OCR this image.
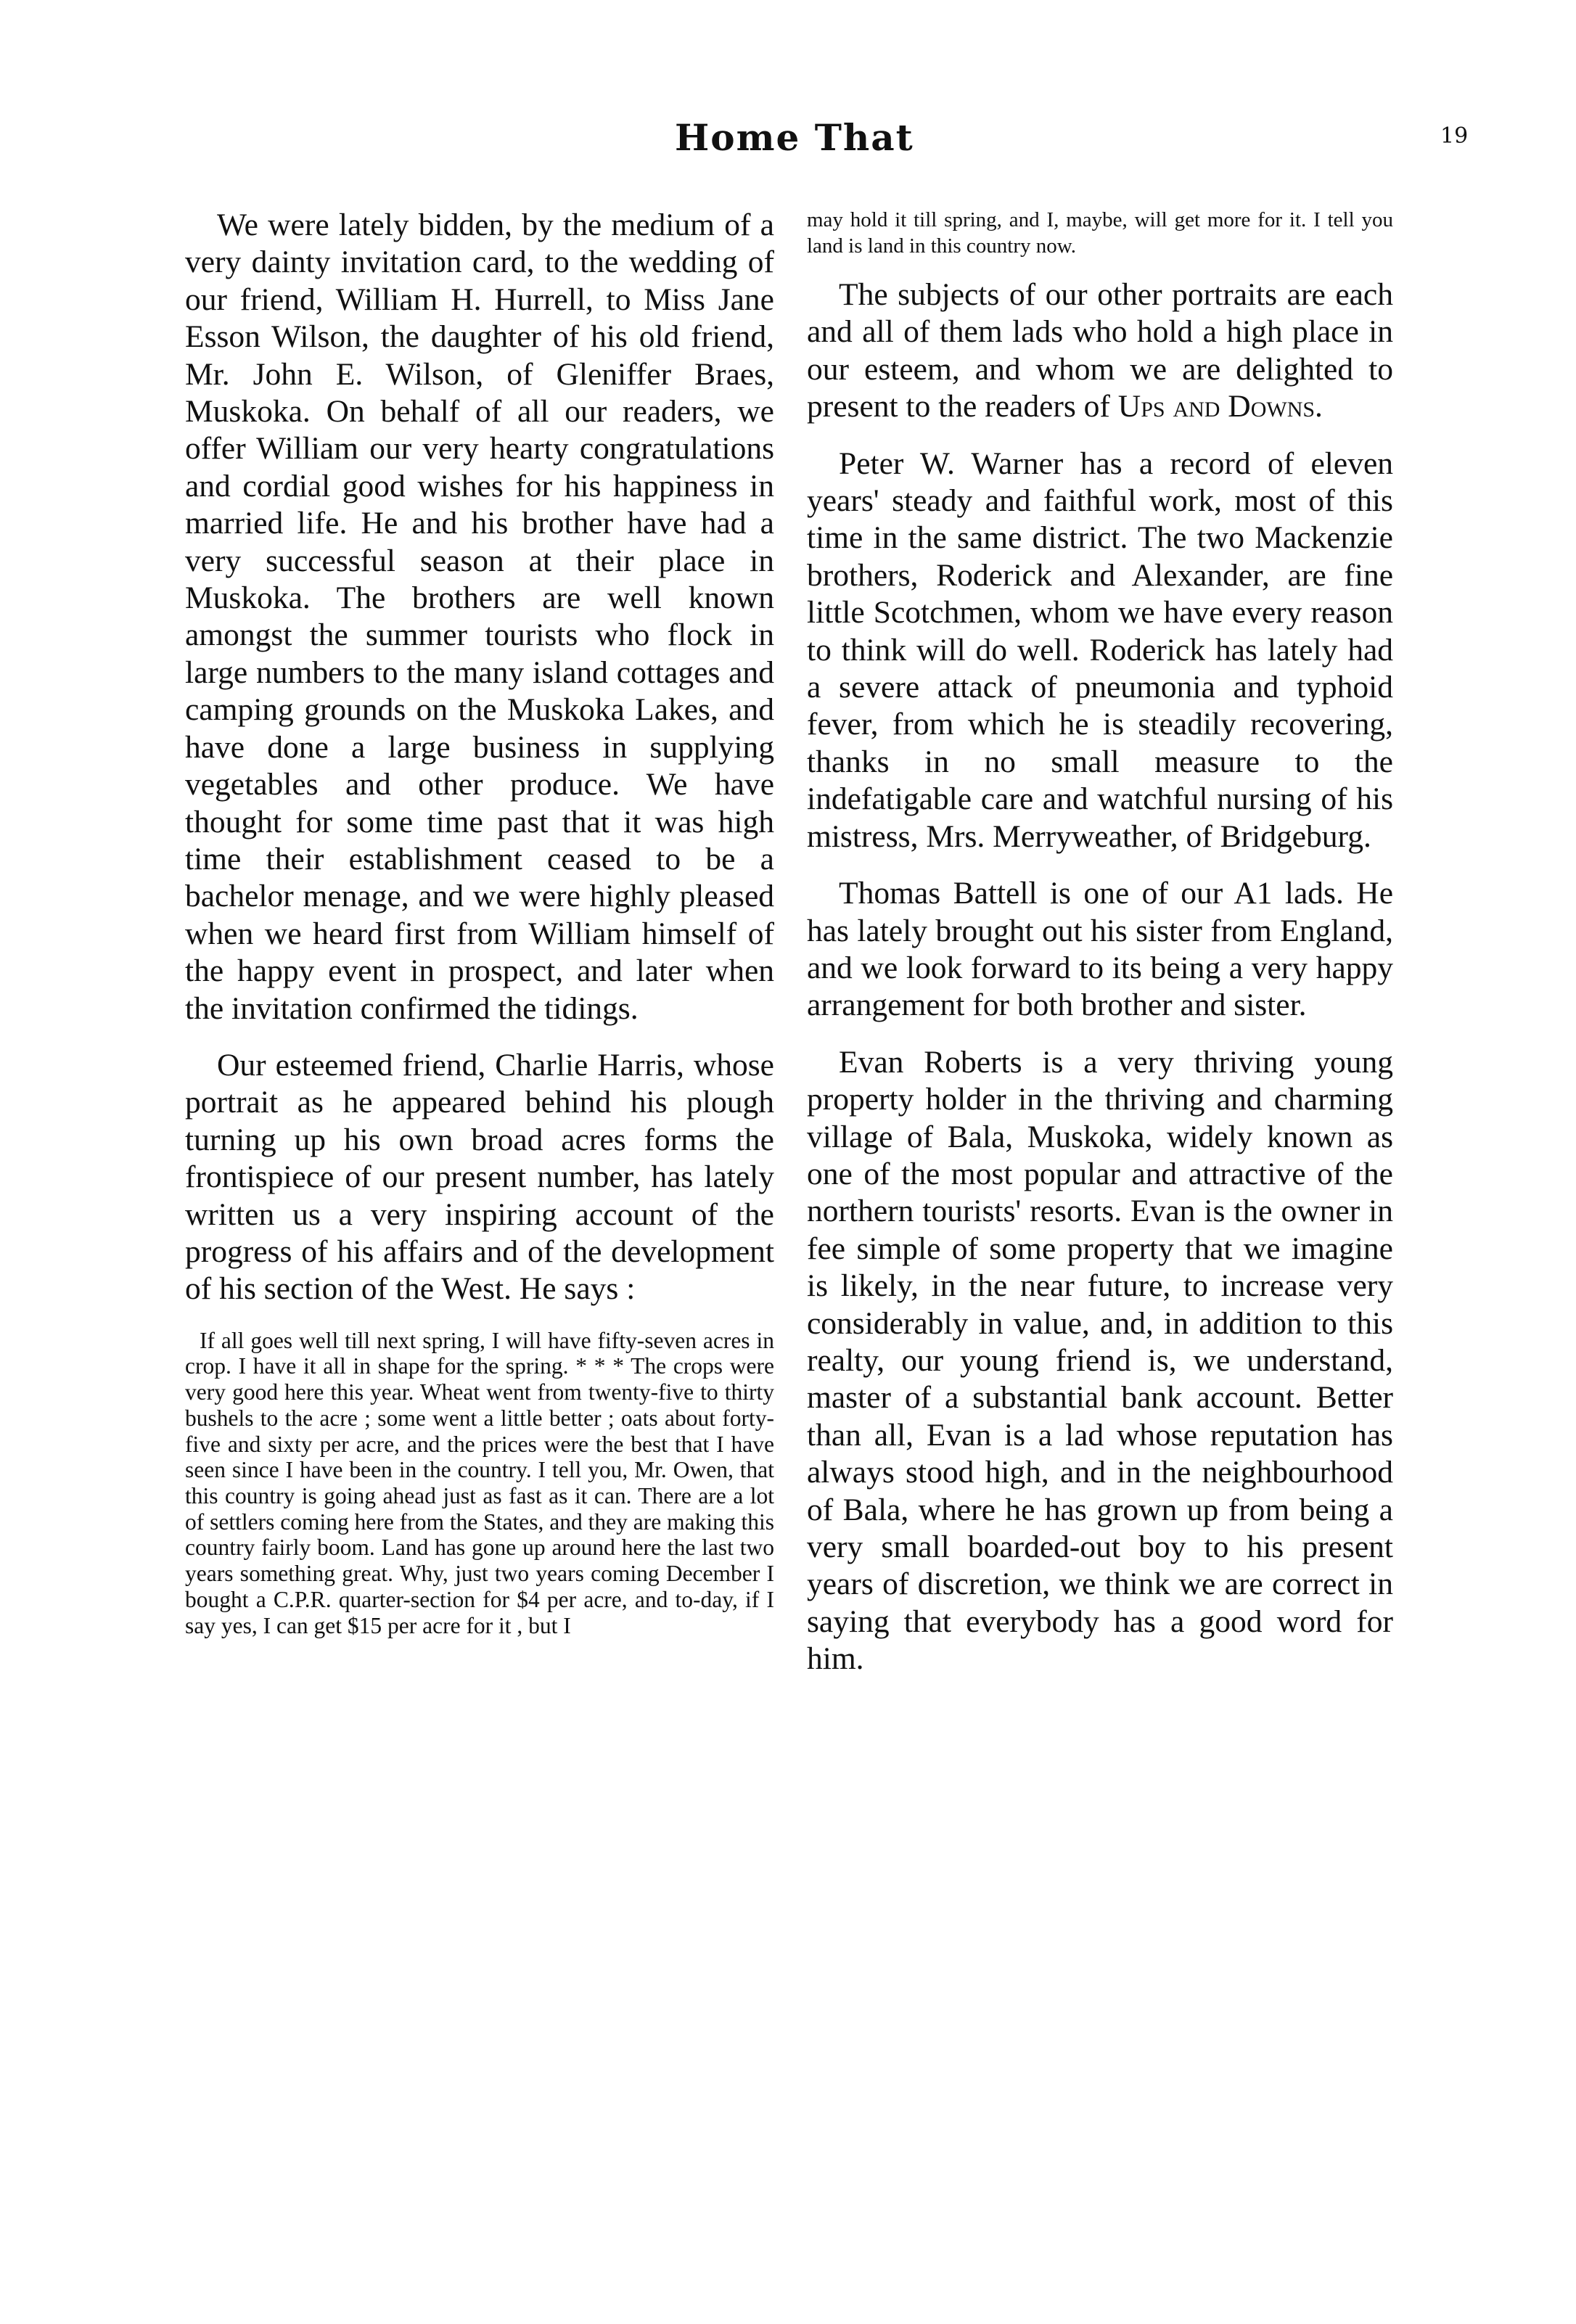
Home That	19

We were lately bidden, by the medium of a very dainty invitation card, to the wedding of our friend, William H. Hurrell, to Miss Jane Esson Wilson, the daughter of his old friend, Mr. John E. Wilson, of Gleniffer Braes, Muskoka. On behalf of all our readers, we offer William our very hearty congratulations and cordial good wishes for his happiness in married life. He and his brother have had a very successful season at their place in Muskoka. The brothers are well known amongst the summer tourists who flock in large numbers to the many island cottages and camping grounds on the Muskoka Lakes, and have done a large business in supplying vegetables and other produce. We have thought for some time past that it was high time their establishment ceased to be a bachelor menage, and we were highly pleased when we heard first from William himself of the happy event in prospect, and later when the invitation confirmed the tidings.

Our esteemed friend, Charlie Harris, whose portrait as he appeared behind his plough turning up his own broad acres forms the frontispiece of our present number, has lately written us a very inspiring account of the progress of his affairs and of the development of his section of the West. He says :

If all goes well till next spring, I will have fifty-seven acres in crop. I have it all in shape for the spring. * * * The crops were very good here this year. Wheat went from twenty-five to thirty bushels to the acre ; some went a little better ; oats about forty-five and sixty per acre, and the prices were the best that I have seen since I have been in the country. I tell you, Mr. Owen, that this country is going ahead just as fast as it can. There are a lot of settlers coming here from the States, and they are making this country fairly boom. Land has gone up around here the last two years something great. Why, just two years coming December I bought a C.P.R. quarter-section for $4 per acre, and to-day, if I say yes, I can get $15 per acre for it , but I

may hold it till spring, and I, maybe, will get more for it. I tell you land is land in this country now.

The subjects of our other portraits are each and all of them lads who hold a high place in our esteem, and whom we are delighted to present to the readers of Ups and Downs.

Peter W. Warner has a record of eleven years' steady and faithful work, most of this time in the same district. The two Mackenzie brothers, Roderick and Alexander, are fine little Scotchmen, whom we have every reason to think will do well. Roderick has lately had a severe attack of pneumonia and typhoid fever, from which he is steadily recovering, thanks in no small measure to the indefatigable care and watchful nursing of his mistress, Mrs. Merryweather, of Bridgeburg.

Thomas Battell is one of our A1 lads. He has lately brought out his sister from England, and we look forward to its being a very happy arrangement for both brother and sister.

Evan Roberts is a very thriving young property holder in the thriving and charming village of Bala, Muskoka, widely known as one of the most popular and attractive of the northern tourists' resorts. Evan is the owner in fee simple of some property that we imagine is likely, in the near future, to increase very considerably in value, and, in addition to this realty, our young friend is, we understand, master of a substantial bank account. Better than all, Evan is a lad whose reputation has always stood high, and in the neighbourhood of Bala, where he has grown up from being a very small boarded-out boy to his present years of discretion, we think we are correct in saying that everybody has a good word for him.
